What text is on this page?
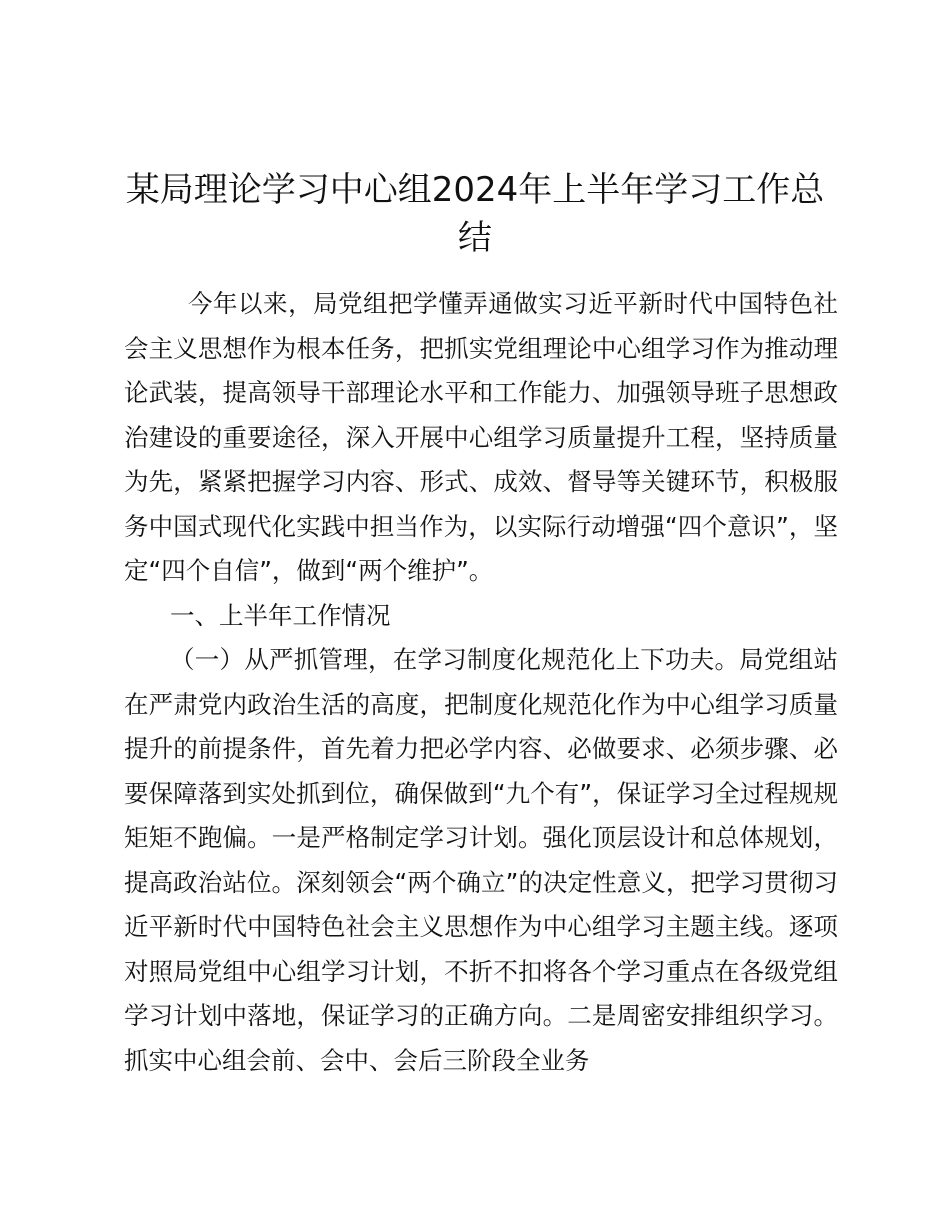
某局理论学习中心组2024年上半年学习工作总结

今年以来，局党组把学懂弄通做实习近平新时代中国特色社会主义思想作为根本任务，把抓实党组理论中心组学习作为推动理论武装，提高领导干部理论水平和工作能力、加强领导班子思想政治建设的重要途径，深入开展中心组学习质量提升工程，坚持质量为先，紧紧把握学习内容、形式、成效、督导等关键环节，积极服务中国式现代化实践中担当作为，以实际行动增强“四个意识”，坚定“四个自信”，做到“两个维护”。

一、上半年工作情况

（一）从严抓管理，在学习制度化规范化上下功夫。局党组站在严肃党内政治生活的高度，把制度化规范化作为中心组学习质量提升的前提条件，首先着力把必学内容、必做要求、必须步骤、必要保障落到实处抓到位，确保做到“九个有”，保证学习全过程规规矩矩不跑偏。一是严格制定学习计划。强化顶层设计和总体规划，提高政治站位。深刻领会“两个确立”的决定性意义，把学习贯彻习近平新时代中国特色社会主义思想作为中心组学习主题主线。逐项对照局党组中心组学习计划，不折不扣将各个学习重点在各级党组学习计划中落地，保证学习的正确方向。二是周密安排组织学习。抓实中心组会前、会中、会后三阶段全业务
